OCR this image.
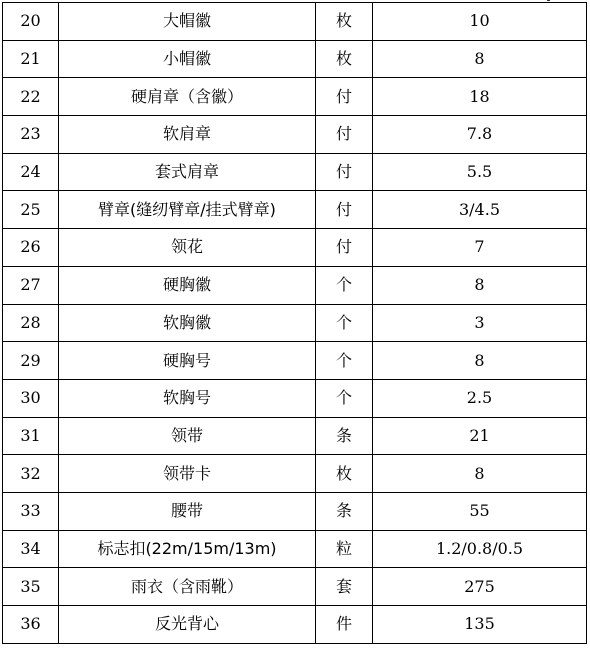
20	大帽徽	枚	10
21	小帽徽	枚	8
22	硬肩章（含徽）	付	18
23	软肩章	付	7.8
24	套式肩章	付	5.5
25	臂章(缝纫臂章/挂式臂章)	付	3/4.5
26	领花	付	7
27	硬胸徽	个	8
28	软胸徽	个	3
29	硬胸号	个	8
30	软胸号	个	2.5
31	领带	条	21
32	领带卡	枚	8
33	腰带	条	55
34	标志扣(22m/15m/13m)	粒	1.2/0.8/0.5
35	雨衣（含雨靴）	套	275
36	反光背心	件	135
